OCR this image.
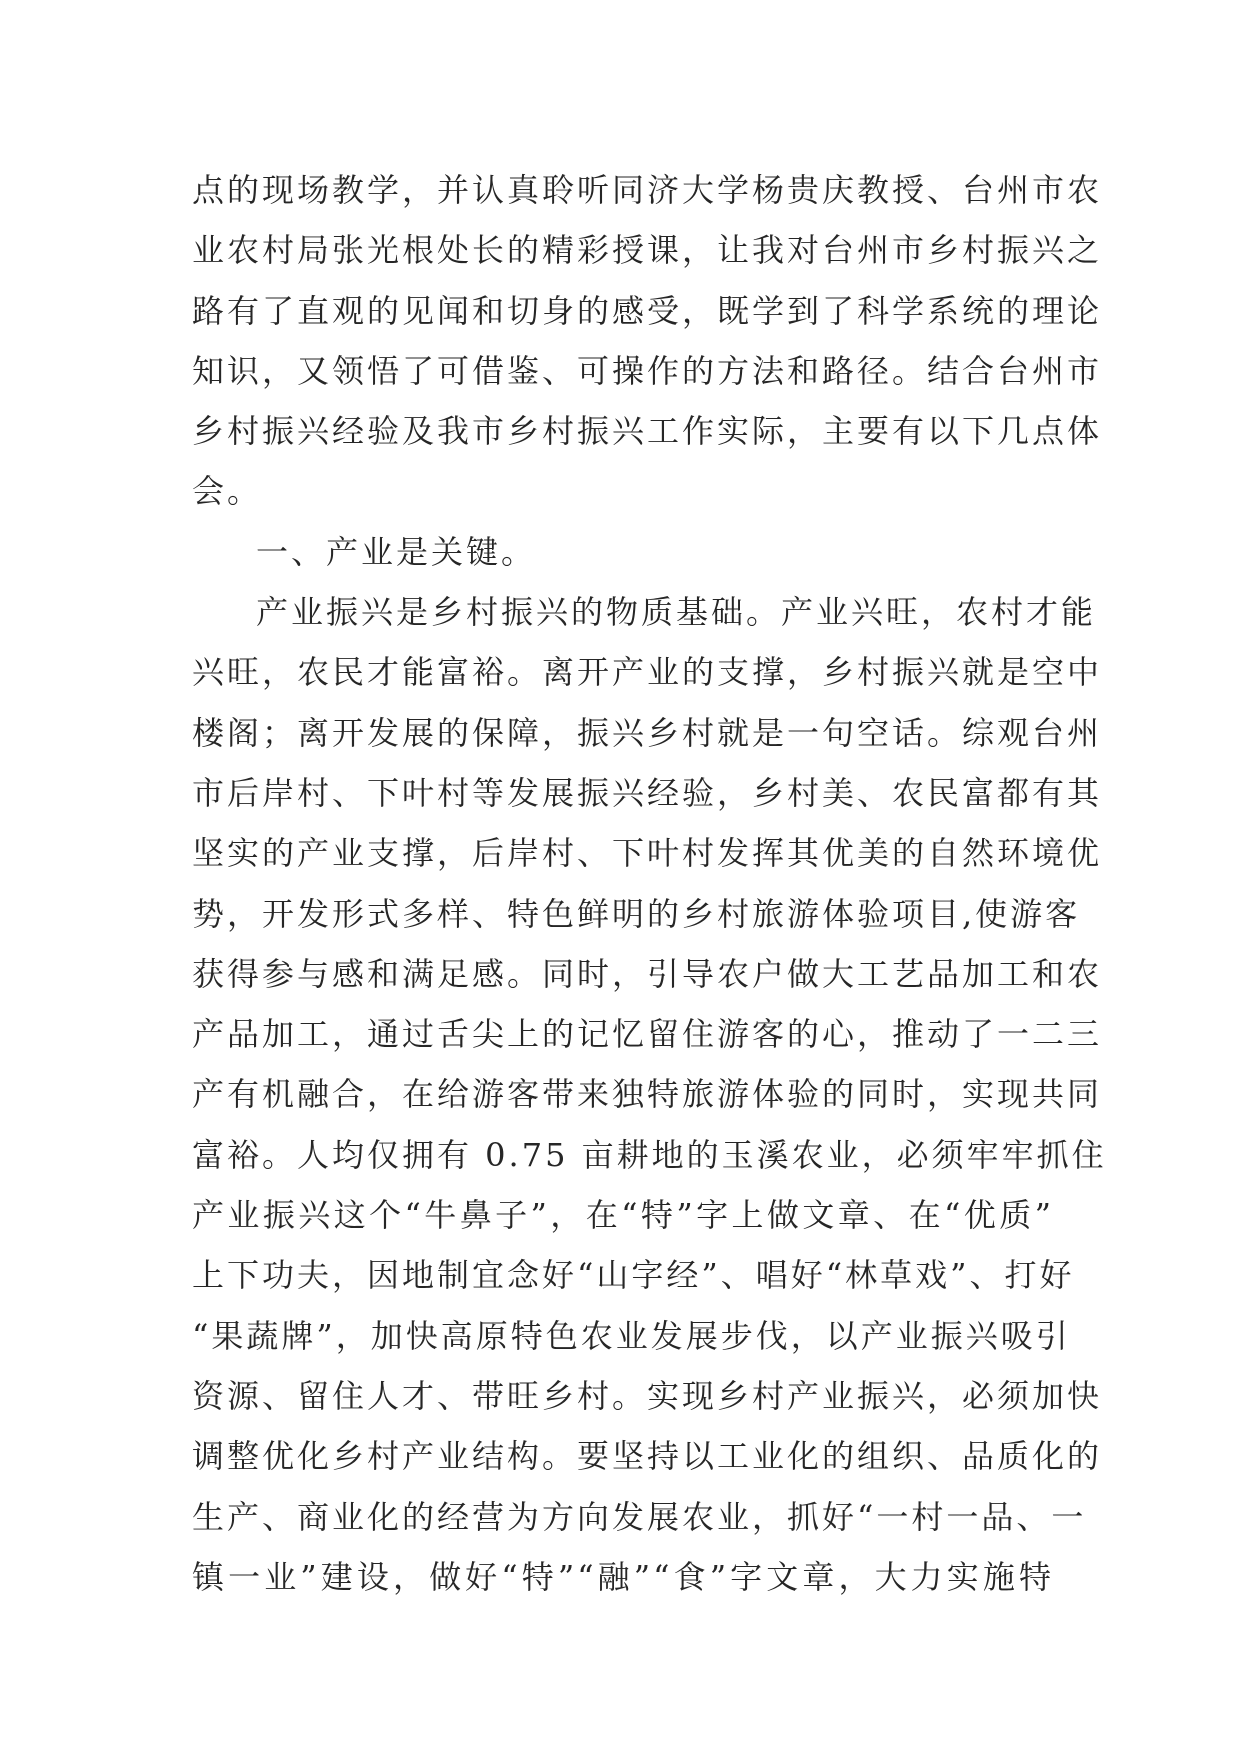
点的现场教学，并认真聆听同济大学杨贵庆教授、台州市农
业农村局张光根处长的精彩授课，让我对台州市乡村振兴之
路有了直观的见闻和切身的感受，既学到了科学系统的理论
知识，又领悟了可借鉴、可操作的方法和路径。结合台州市
乡村振兴经验及我市乡村振兴工作实际，主要有以下几点体
会。
一、产业是关键。
产业振兴是乡村振兴的物质基础。产业兴旺，农村才能
兴旺，农民才能富裕。离开产业的支撑，乡村振兴就是空中
楼阁；离开发展的保障，振兴乡村就是一句空话。综观台州
市后岸村、下叶村等发展振兴经验，乡村美、农民富都有其
坚实的产业支撑，后岸村、下叶村发挥其优美的自然环境优
势，开发形式多样、特色鲜明的乡村旅游体验项目,使游客
获得参与感和满足感。同时，引导农户做大工艺品加工和农
产品加工，通过舌尖上的记忆留住游客的心，推动了一二三
产有机融合，在给游客带来独特旅游体验的同时，实现共同
富裕。人均仅拥有 0.75 亩耕地的玉溪农业，必须牢牢抓住
产业振兴这个“牛鼻子”，在“特”字上做文章、在“优质”
上下功夫，因地制宜念好“山字经”、唱好“林草戏”、打好
“果蔬牌”，加快高原特色农业发展步伐，以产业振兴吸引
资源、留住人才、带旺乡村。实现乡村产业振兴，必须加快
调整优化乡村产业结构。要坚持以工业化的组织、品质化的
生产、商业化的经营为方向发展农业，抓好“一村一品、一
镇一业”建设，做好“特”“融”“食”字文章，大力实施特
